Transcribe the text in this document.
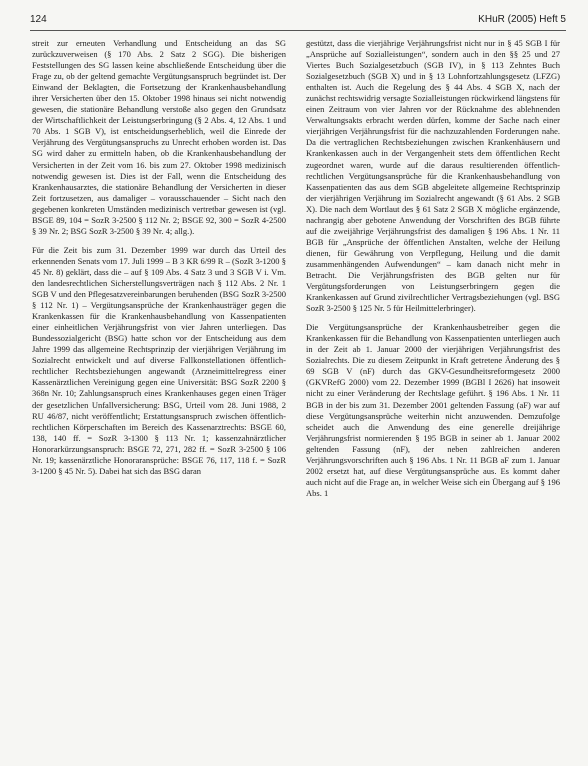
124	KHuR (2005) Heft 5

streit zur erneuten Verhandlung und Entscheidung an das SG zurückzuverweisen (§ 170 Abs. 2 Satz 2 SGG). Die bisherigen Feststellungen des SG lassen keine abschließende Entscheidung über die Frage zu, ob der geltend gemachte Vergütungsanspruch begründet ist. Der Einwand der Beklagten, die Fortsetzung der Krankenhausbehandlung ihrer Versicherten über den 15. Oktober 1998 hinaus sei nicht notwendig gewesen, die stationäre Behandlung verstoße also gegen den Grundsatz der Wirtschaftlichkeit der Leistungserbringung (§ 2 Abs. 4, 12 Abs. 1 und 70 Abs. 1 SGB V), ist entscheidungserheblich, weil die Einrede der Verjährung des Vergütungsanspruchs zu Unrecht erhoben worden ist. Das SG wird daher zu ermitteln haben, ob die Krankenhausbehandlung der Versicherten in der Zeit vom 16. bis zum 27. Oktober 1998 medizinisch notwendig gewesen ist. Dies ist der Fall, wenn die Entscheidung des Krankenhausarztes, die stationäre Behandlung der Versicherten in dieser Zeit fortzusetzen, aus damaliger – vorausschauender – Sicht nach den gegebenen konkreten Umständen medizinisch vertretbar gewesen ist (vgl. BSGE 89, 104 = SozR 3-2500 § 112 Nr. 2; BSGE 92, 300 = SozR 4-2500 § 39 Nr. 2; BSG SozR 3-2500 § 39 Nr. 4; allg.).

Für die Zeit bis zum 31. Dezember 1999 war durch das Urteil des erkennenden Senats vom 17. Juli 1999 – B 3 KR 6/99 R – (SozR 3-1200 § 45 Nr. 8) geklärt, dass die – auf § 109 Abs. 4 Satz 3 und 3 SGB V i. Vm. den landesrechtlichen Sicherstellungsverträgen nach § 112 Abs. 2 Nr. 1 SGB V und den Pflegesatzvereinbarungen beruhenden (BSG SozR 3-2500 § 112 Nr. 1) – Vergütungsansprüche der Krankenhausträger gegen die Krankenkassen für die Krankenhausbehandlung von Kassenpatienten einer einheitlichen Verjährungsfrist von vier Jahren unterliegen. Das Bundessozialgericht (BSG) hatte schon vor der Entscheidung aus dem Jahre 1999 das allgemeine Rechtsprinzip der vierjährigen Verjährung im Sozialrecht entwickelt und auf diverse Fallkonstellationen öffentlich-rechtlicher Rechtsbeziehungen angewandt (Arzneimittelregress einer Kassenärztlichen Vereinigung gegen eine Universität: BSG SozR 2200 § 368n Nr. 10; Zahlungsanspruch eines Krankenhauses gegen einen Träger der gesetzlichen Unfallversicherung: BSG, Urteil vom 28. Juni 1988, 2 RU 46/87, nicht veröffentlicht; Erstattungsanspruch zwischen öffentlich-rechtlichen Körperschaften im Bereich des Kassenarztrechts: BSGE 60, 138, 140 ff. = SozR 3-1300 § 113 Nr. 1; kassenzahnärztlicher Honorarkürzungsanspruch: BSGE 72, 271, 282 ff. = SozR 3-2500 § 106 Nr. 19; kassenärztliche Honoraransprüche: BSGE 76, 117, 118 f. = SozR 3-1200 § 45 Nr. 5). Dabei hat sich das BSG daran

gestützt, dass die vierjährige Verjährungsfrist nicht nur in § 45 SGB I für „Ansprüche auf Sozialleistungen“, sondern auch in den §§ 25 und 27 Viertes Buch Sozialgesetzbuch (SGB IV), in § 113 Zehntes Buch Sozialgesetzbuch (SGB X) und in § 13 Lohnfortzahlungsgesetz (LFZG) enthalten ist. Auch die Regelung des § 44 Abs. 4 SGB X, nach der zunächst rechtswidrig versagte Sozialleistungen rückwirkend längstens für einen Zeitraum von vier Jahren vor der Rücknahme des ablehnenden Verwaltungsakts erbracht werden dürfen, komme der Sache nach einer vierjährigen Verjährungsfrist für die nachzuzahlenden Forderungen nahe. Da die vertraglichen Rechtsbeziehungen zwischen Krankenhäusern und Krankenkassen auch in der Vergangenheit stets dem öffentlichen Recht zugeordnet waren, wurde auf die daraus resultierenden öffentlich-rechtlichen Vergütungsansprüche für die Krankenhausbehandlung von Kassenpatienten das aus dem SGB abgeleitete allgemeine Rechtsprinzip der vierjährigen Verjährung im Sozialrecht angewandt (§ 61 Abs. 2 SGB X). Die nach dem Wortlaut des § 61 Satz 2 SGB X mögliche ergänzende, nachrangig aber gebotene Anwendung der Vorschriften des BGB führte auf die zweijährige Verjährungsfrist des damaligen § 196 Abs. 1 Nr. 11 BGB für „Ansprüche der öffentlichen Anstalten, welche der Heilung dienen, für Gewährung von Verpflegung, Heilung und die damit zusammenhängenden Aufwendungen“ – kam danach nicht mehr in Betracht. Die Verjährungsfristen des BGB gelten nur für Vergütungsforderungen von Leistungserbringern gegen die Krankenkassen auf Grund zivilrechtlicher Vertragsbeziehungen (vgl. BSG SozR 3-2500 § 125 Nr. 5 für Heilmittelerbringer).

Die Vergütungsansprüche der Krankenhausbetreiber gegen die Krankenkassen für die Behandlung von Kassenpatienten unterliegen auch in der Zeit ab 1. Januar 2000 der vierjährigen Verjährungsfrist des Sozialrechts. Die zu diesem Zeitpunkt in Kraft getretene Änderung des § 69 SGB V (nF) durch das GKV-Gesundheitsreformgesetz 2000 (GKVRefG 2000) vom 22. Dezember 1999 (BGBl I 2626) hat insoweit nicht zu einer Veränderung der Rechtslage geführt. § 196 Abs. 1 Nr. 11 BGB in der bis zum 31. Dezember 2001 geltenden Fassung (aF) war auf diese Vergütungsansprüche weiterhin nicht anzuwenden. Demzufolge scheidet auch die Anwendung des eine generelle dreijährige Verjährungsfrist normierenden § 195 BGB in seiner ab 1. Januar 2002 geltenden Fassung (nF), der neben zahlreichen anderen Verjährungsvorschriften auch § 196 Abs. 1 Nr. 11 BGB aF zum 1. Januar 2002 ersetzt hat, auf diese Vergütungsansprüche aus. Es kommt daher auch nicht auf die Frage an, in welcher Weise sich ein Übergang auf § 196 Abs. 1
